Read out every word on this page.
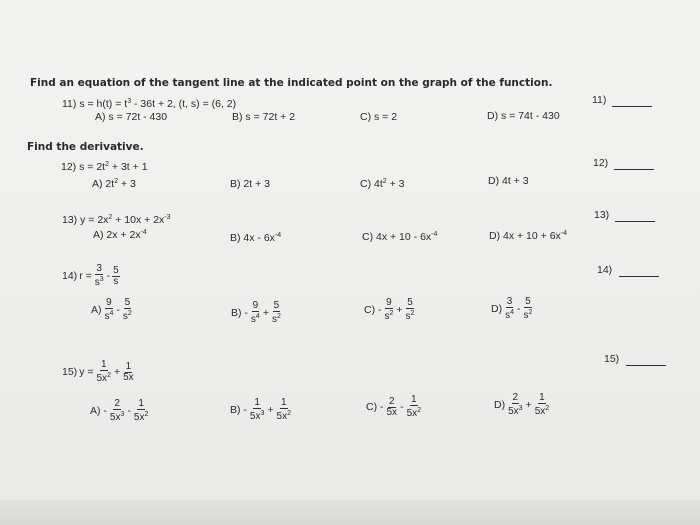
Find an equation of the tangent line at the indicated point on the graph of the function.
11) $s = h(t) = t^3 - 36t + 2$, (t, s) = (6, 2)	11)
A) s = 72t - 430	B) s = 72t + 2	C) s = 2	D) s = 74t - 430
Find the derivative.
12) $s = 2t^2 + 3t + 1$	12)
A) $2t^2 + 3$	B) 2t + 3	C) $4t^2 + 3$	D) 4t + 3
13) $y = 2x^2 + 10x + 2x^{-3}$	13)
A) $2x + 2x^{-4}$	B) $4x - 6x^{-4}$	C) $4x + 10 - 6x^{-4}$	D) $4x + 10 + 6x^{-4}$
14) $r = \frac{3}{s^3} - \frac{5}{s}$	14)
$A) \frac{9}{s^4} - \frac{5}{s^2}$	$B) - \frac{9}{s^4} + \frac{5}{s^2}$	$C) - \frac{9}{s^2} + \frac{5}{s^2}$	$D) \frac{3}{s^4} - \frac{5}{s^2}$
15) $y = \frac{1}{5x^2} + \frac{1}{5x}$
15)
$A) - \frac{2}{5x^3} - \frac{1}{5x^2}$	$B) - \frac{1}{5x^3} + \frac{1}{5x^2}$	$C) - \frac{2}{5x} - \frac{1}{5x^2}$	$D) \frac{2}{5x^3} + \frac{1}{5x^2}$
